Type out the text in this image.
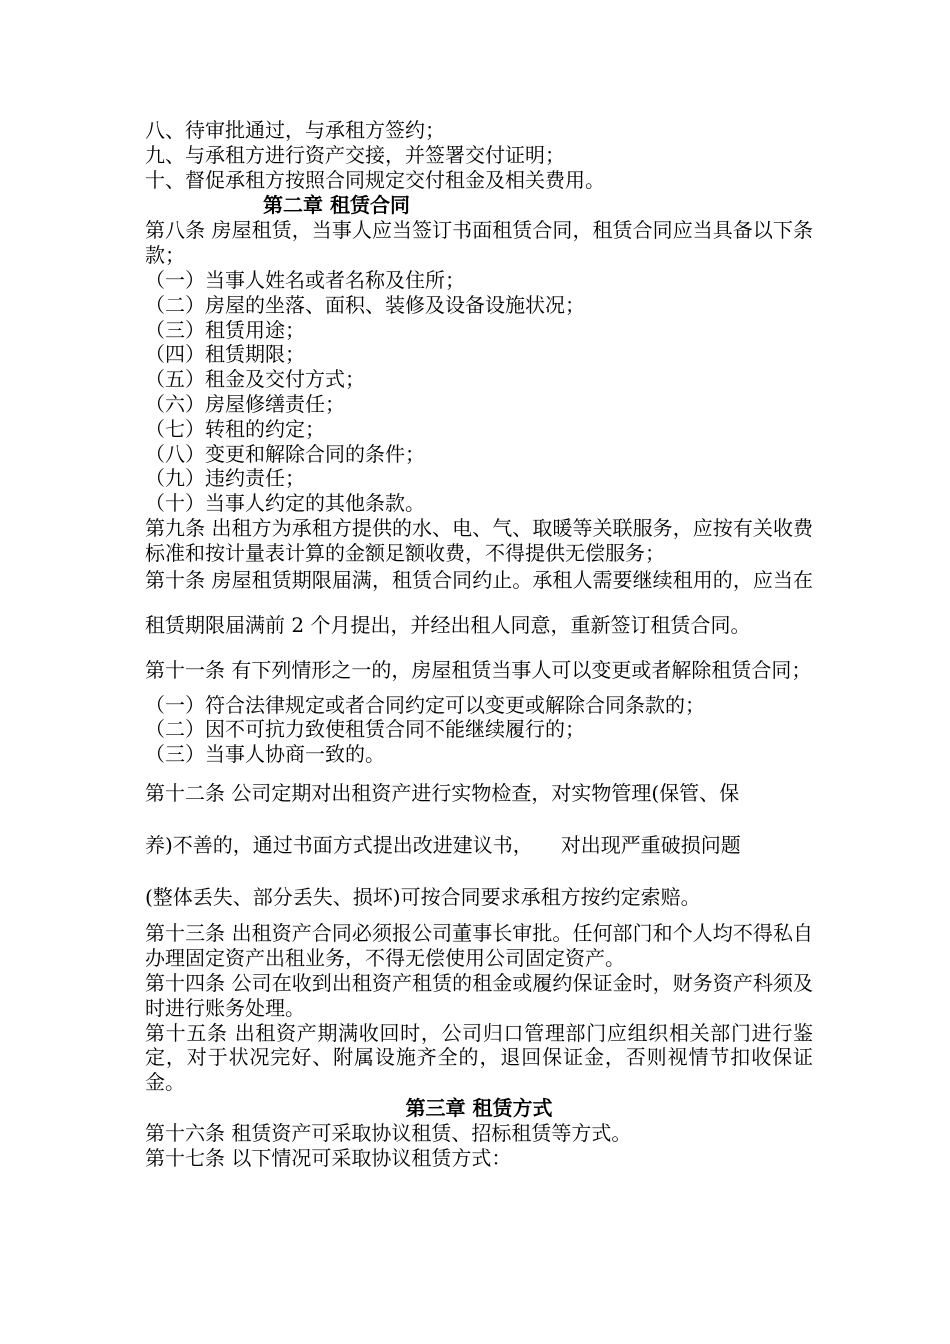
八、待审批通过，与承租方签约；
九、与承租方进行资产交接，并签署交付证明；
十、督促承租方按照合同规定交付租金及相关费用。
第二章 租赁合同
第八条 房屋租赁，当事人应当签订书面租赁合同，租赁合同应当具备以下条款；
（一）当事人姓名或者名称及住所；
（二）房屋的坐落、面积、装修及设备设施状况；
（三）租赁用途；
（四）租赁期限；
（五）租金及交付方式；
（六）房屋修缮责任；
（七）转租的约定；
（八）变更和解除合同的条件；
（九）违约责任；
（十）当事人约定的其他条款。
第九条 出租方为承租方提供的水、电、气、取暖等关联服务，应按有关收费标准和按计量表计算的金额足额收费，不得提供无偿服务；
第十条 房屋租赁期限届满，租赁合同约止。承租人需要继续租用的，应当在租赁期限届满前 2 个月提出，并经出租人同意，重新签订租赁合同。
第十一条 有下列情形之一的，房屋租赁当事人可以变更或者解除租赁合同；
（一）符合法律规定或者合同约定可以变更或解除合同条款的；
（二）因不可抗力致使租赁合同不能继续履行的；
（三）当事人协商一致的。
第十二条 公司定期对出租资产进行实物检查，对实物管理(保管、保
养)不善的，通过书面方式提出改进建议书， 对出现严重破损问题
(整体丢失、部分丢失、损坏)可按合同要求承租方按约定索赔。
第十三条 出租资产合同必须报公司董事长审批。任何部门和个人均不得私自办理固定资产出租业务，不得无偿使用公司固定资产。
第十四条 公司在收到出租资产租赁的租金或履约保证金时，财务资产科须及时进行账务处理。
第十五条 出租资产期满收回时，公司归口管理部门应组织相关部门进行鉴定，对于状况完好、附属设施齐全的，退回保证金，否则视情节扣收保证金。
第三章 租赁方式
第十六条 租赁资产可采取协议租赁、招标租赁等方式。
第十七条 以下情况可采取协议租赁方式：
